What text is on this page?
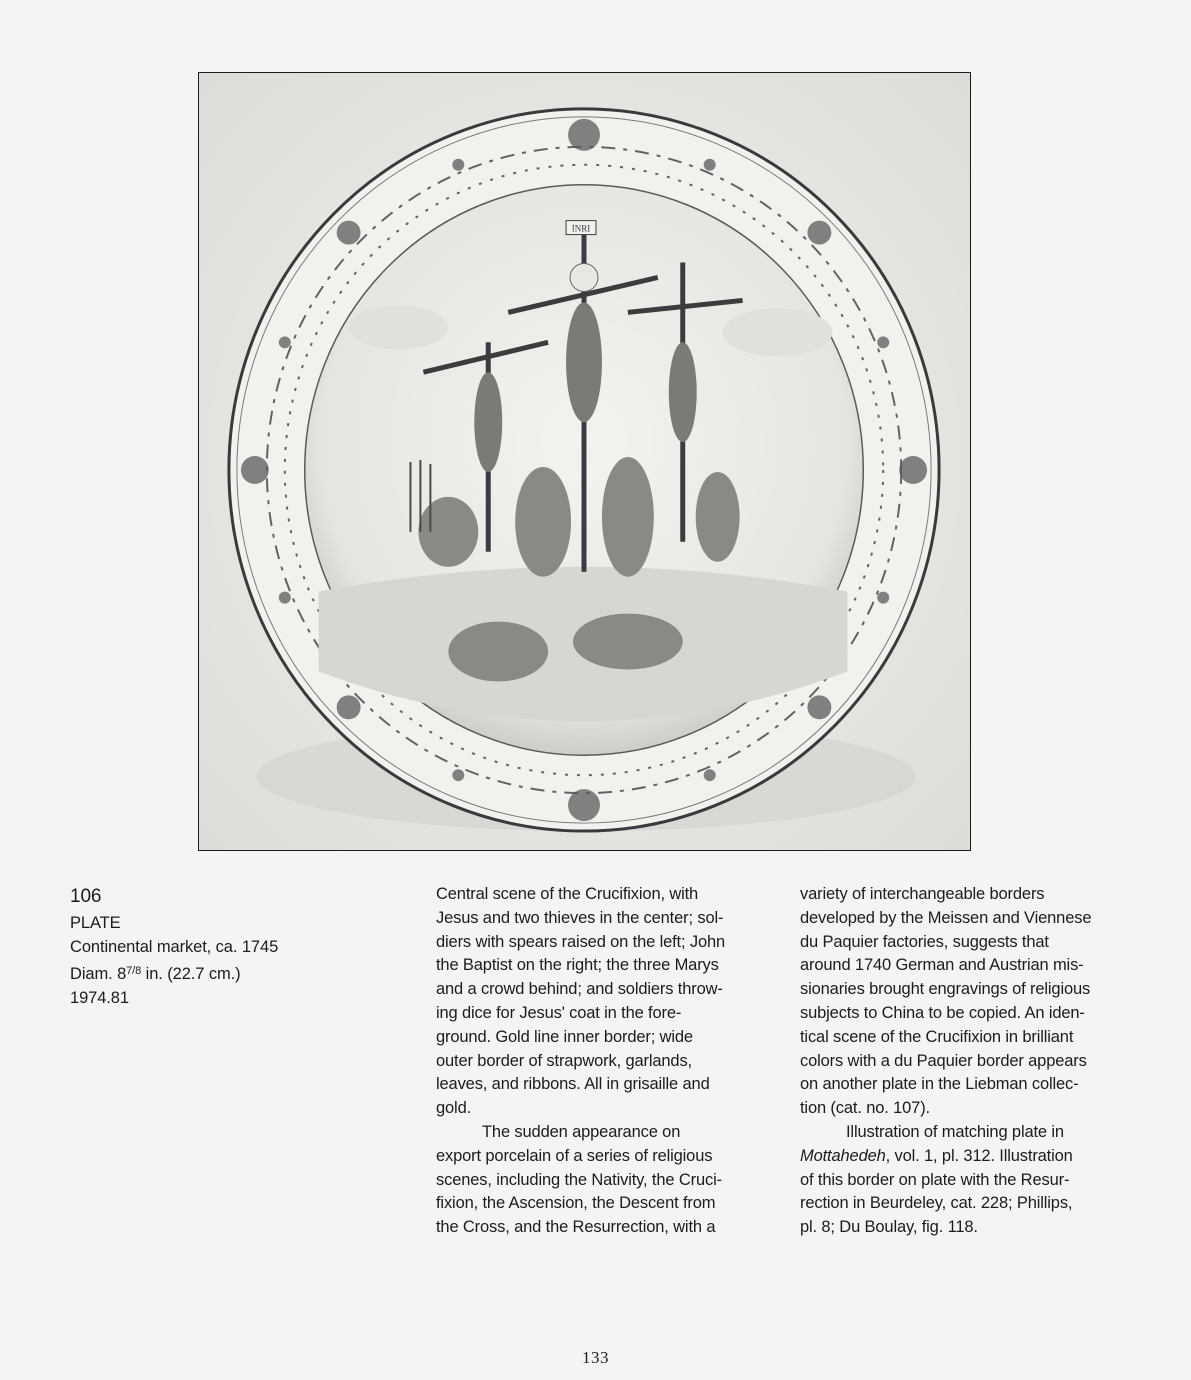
INRI
106
PLATE
Continental market, ca. 1745
Diam. $8^{7/8}$ in. (22.7 cm.)
1974.81

Central scene of the Crucifixion, with
Jesus and two thieves in the center; sol-
diers with spears raised on the left; John
the Baptist on the right; the three Marys
and a crowd behind; and soldiers throw-
ing dice for Jesus' coat in the fore-
ground. Gold line inner border; wide
outer border of strapwork, garlands,
leaves, and ribbons. All in grisaille and
gold.

The sudden appearance on
export porcelain of a series of religious
scenes, including the Nativity, the Cruci-
fixion, the Ascension, the Descent from
the Cross, and the Resurrection, with a

variety of interchangeable borders
developed by the Meissen and Viennese
du Paquier factories, suggests that
around 1740 German and Austrian mis-
sionaries brought engravings of religious
subjects to China to be copied. An iden-
tical scene of the Crucifixion in brilliant
colors with a du Paquier border appears
on another plate in the Liebman collec-
tion (cat. no. 107).

Illustration of matching plate in
Mottahedeh, vol. 1, pl. 312. Illustration
of this border on plate with the Resur-
rection in Beurdeley, cat. 228; Phillips,
pl. 8; Du Boulay, fig. 118.

133
